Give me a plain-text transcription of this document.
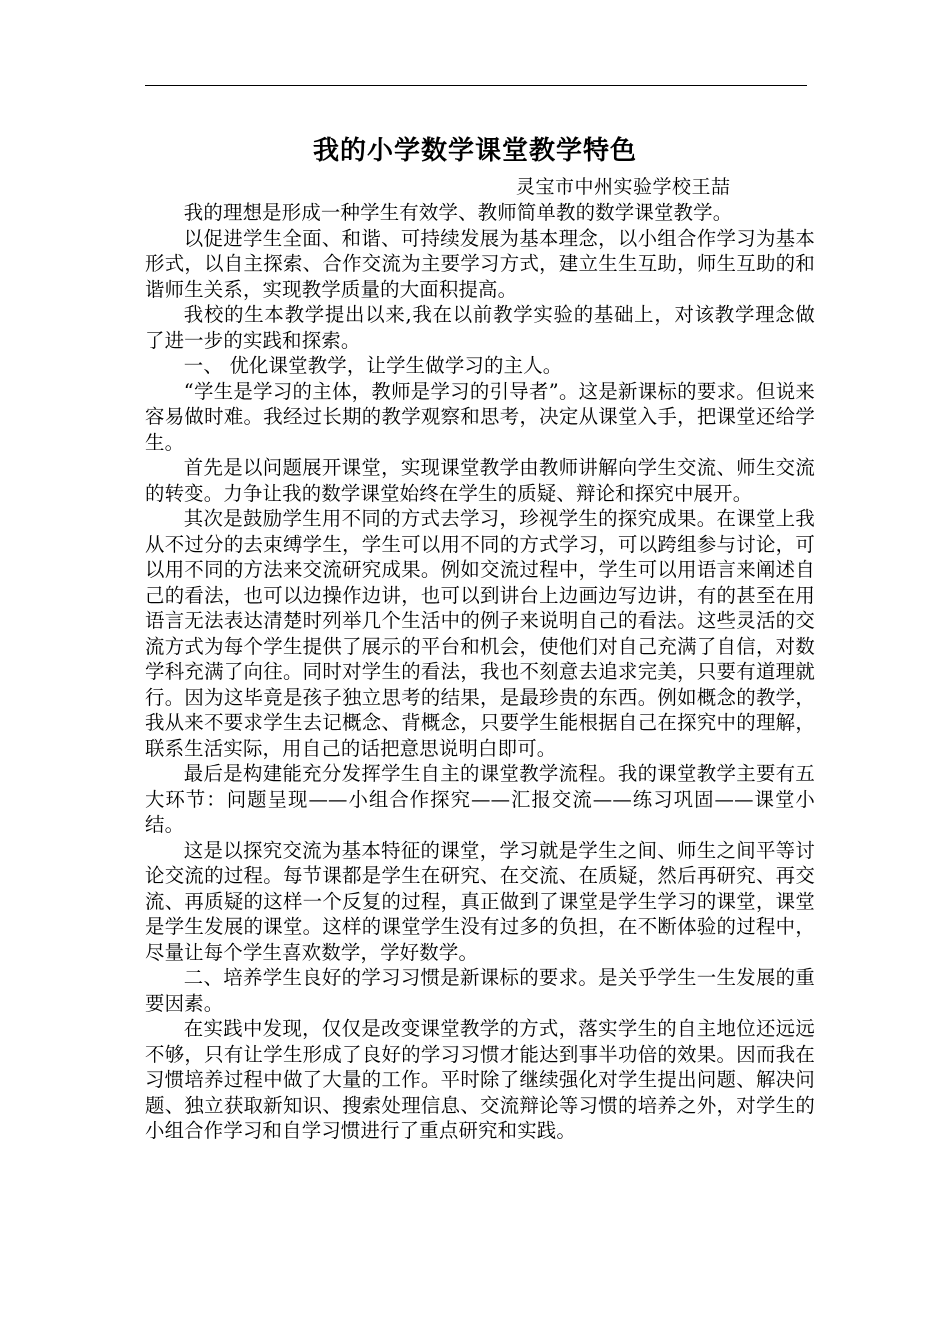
我的小学数学课堂教学特色
灵宝市中州实验学校王喆

我的理想是形成一种学生有效学、教师简单教的数学课堂教学。

以促进学生全面、和谐、可持续发展为基本理念，以小组合作学习为基本形式，以自主探索、合作交流为主要学习方式，建立生生互助，师生互助的和谐师生关系，实现教学质量的大面积提高。

我校的生本教学提出以来,我在以前教学实验的基础上，对该教学理念做了进一步的实践和探索。

一、 优化课堂教学，让学生做学习的主人。

“学生是学习的主体，教师是学习的引导者”。这是新课标的要求。但说来容易做时难。我经过长期的教学观察和思考，决定从课堂入手，把课堂还给学生。

首先是以问题展开课堂，实现课堂教学由教师讲解向学生交流、师生交流的转变。力争让我的数学课堂始终在学生的质疑、辩论和探究中展开。

其次是鼓励学生用不同的方式去学习，珍视学生的探究成果。在课堂上我从不过分的去束缚学生，学生可以用不同的方式学习，可以跨组参与讨论，可以用不同的方法来交流研究成果。例如交流过程中，学生可以用语言来阐述自己的看法，也可以边操作边讲，也可以到讲台上边画边写边讲，有的甚至在用语言无法表达清楚时列举几个生活中的例子来说明自己的看法。这些灵活的交流方式为每个学生提供了展示的平台和机会，使他们对自己充满了自信，对数学科充满了向往。同时对学生的看法，我也不刻意去追求完美，只要有道理就行。因为这毕竟是孩子独立思考的结果，是最珍贵的东西。例如概念的教学，我从来不要求学生去记概念、背概念，只要学生能根据自己在探究中的理解，联系生活实际，用自己的话把意思说明白即可。

最后是构建能充分发挥学生自主的课堂教学流程。我的课堂教学主要有五大环节：问题呈现——小组合作探究——汇报交流——练习巩固——课堂小结。

这是以探究交流为基本特征的课堂，学习就是学生之间、师生之间平等讨论交流的过程。每节课都是学生在研究、在交流、在质疑，然后再研究、再交流、再质疑的这样一个反复的过程，真正做到了课堂是学生学习的课堂，课堂是学生发展的课堂。这样的课堂学生没有过多的负担，在不断体验的过程中，尽量让每个学生喜欢数学，学好数学。

二、培养学生良好的学习习惯是新课标的要求。是关乎学生一生发展的重要因素。

在实践中发现，仅仅是改变课堂教学的方式，落实学生的自主地位还远远不够，只有让学生形成了良好的学习习惯才能达到事半功倍的效果。因而我在习惯培养过程中做了大量的工作。平时除了继续强化对学生提出问题、解决问题、独立获取新知识、搜索处理信息、交流辩论等习惯的培养之外，对学生的小组合作学习和自学习惯进行了重点研究和实践。
